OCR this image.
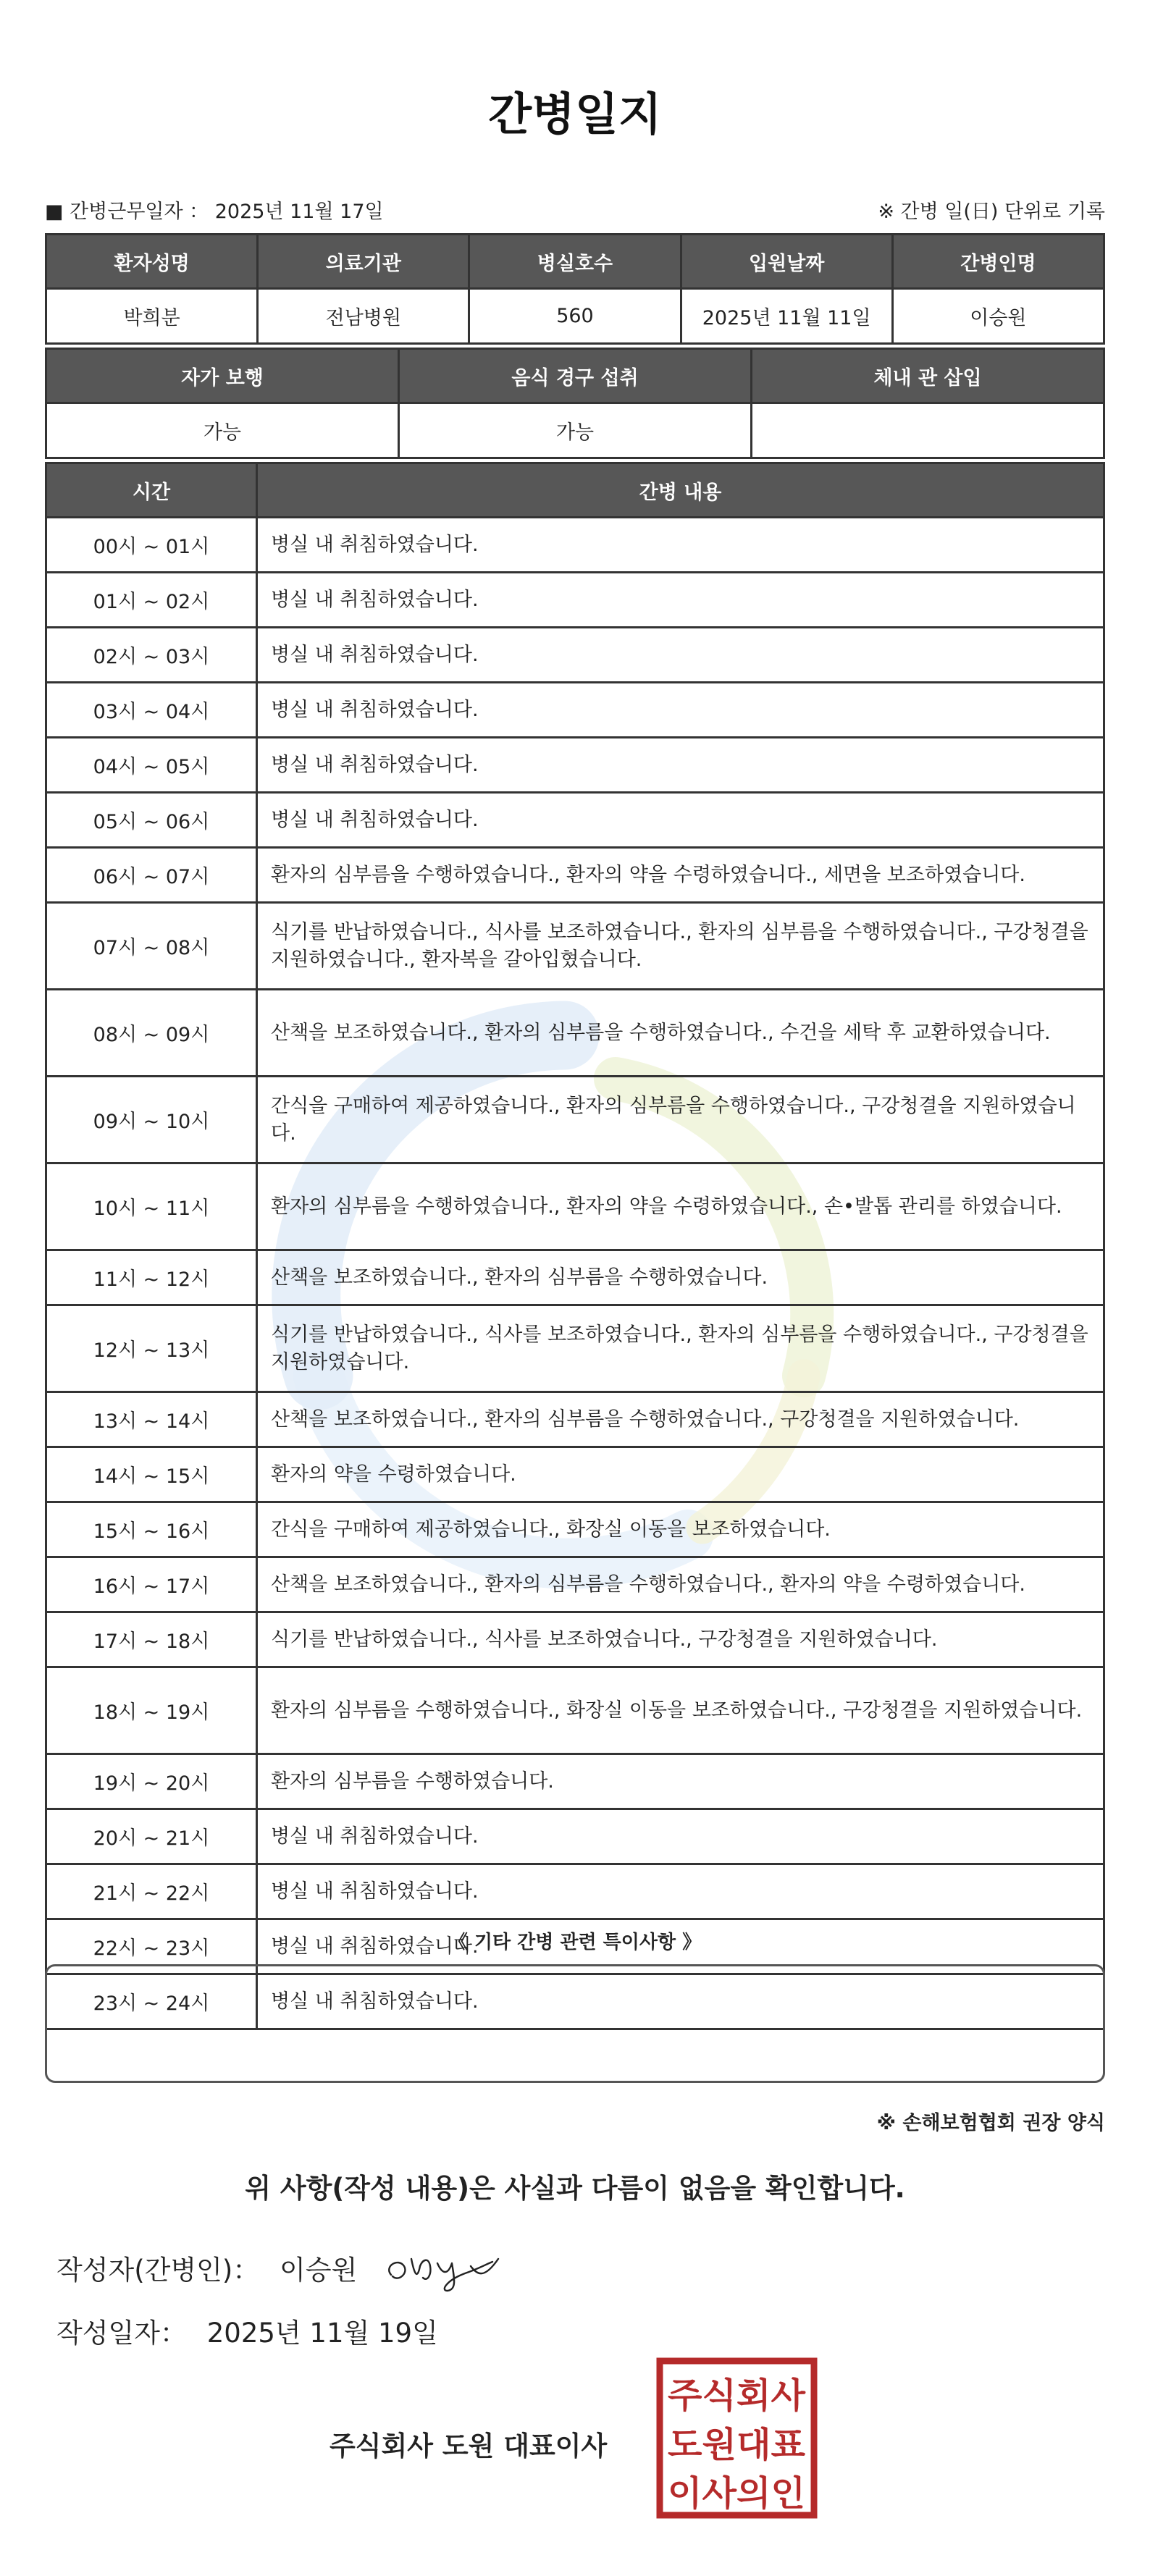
간병일지
■ 간병근무일자 ： 2025년 11월 17일	※ 간병 일(日) 단위로 기록
환자성명	의료기관	병실호수	입원날짜	간병인명
박희분	전남병원	560	2025년 11월 11일	이승원
자가 보행	음식 경구 섭취	체내 관 삽입
가능	가능	
시간	간병 내용
00시 ~ 01시	병실 내 취침하였습니다.
01시 ~ 02시	병실 내 취침하였습니다.
02시 ~ 03시	병실 내 취침하였습니다.
03시 ~ 04시	병실 내 취침하였습니다.
04시 ~ 05시	병실 내 취침하였습니다.
05시 ~ 06시	병실 내 취침하였습니다.
06시 ~ 07시	환자의 심부름을 수행하였습니다., 환자의 약을 수령하였습니다., 세면을 보조하였습니다.
07시 ~ 08시	식기를 반납하였습니다., 식사를 보조하였습니다., 환자의 심부름을 수행하였습니다., 구강청결을 지원하였습니다., 환자복을 갈아입혔습니다.
08시 ~ 09시	산책을 보조하였습니다., 환자의 심부름을 수행하였습니다., 수건을 세탁 후 교환하였습니다.
09시 ~ 10시	간식을 구매하여 제공하였습니다., 환자의 심부름을 수행하였습니다., 구강청결을 지원하였습니다.
10시 ~ 11시	환자의 심부름을 수행하였습니다., 환자의 약을 수령하였습니다., 손•발톱 관리를 하였습니다.
11시 ~ 12시	산책을 보조하였습니다., 환자의 심부름을 수행하였습니다.
12시 ~ 13시	식기를 반납하였습니다., 식사를 보조하였습니다., 환자의 심부름을 수행하였습니다., 구강청결을 지원하였습니다.
13시 ~ 14시	산책을 보조하였습니다., 환자의 심부름을 수행하였습니다., 구강청결을 지원하였습니다.
14시 ~ 15시	환자의 약을 수령하였습니다.
15시 ~ 16시	간식을 구매하여 제공하였습니다., 화장실 이동을 보조하였습니다.
16시 ~ 17시	산책을 보조하였습니다., 환자의 심부름을 수행하였습니다., 환자의 약을 수령하였습니다.
17시 ~ 18시	식기를 반납하였습니다., 식사를 보조하였습니다., 구강청결을 지원하였습니다.
18시 ~ 19시	환자의 심부름을 수행하였습니다., 화장실 이동을 보조하였습니다., 구강청결을 지원하였습니다.
19시 ~ 20시	환자의 심부름을 수행하였습니다.
20시 ~ 21시	병실 내 취침하였습니다.
21시 ~ 22시	병실 내 취침하였습니다.
22시 ~ 23시	병실 내 취침하였습니다.
23시 ~ 24시	병실 내 취침하였습니다.
《 기타 간병 관련 특이사항 》
※ 손해보험협회 권장 양식
위 사항(작성 내용)은 사실과 다름이 없음을 확인합니다.
작성자(간병인)： 이승원
작성일자： 2025년 11월 19일
주식회사 도원 대표이사
주식회사
도원대표
이사의인
